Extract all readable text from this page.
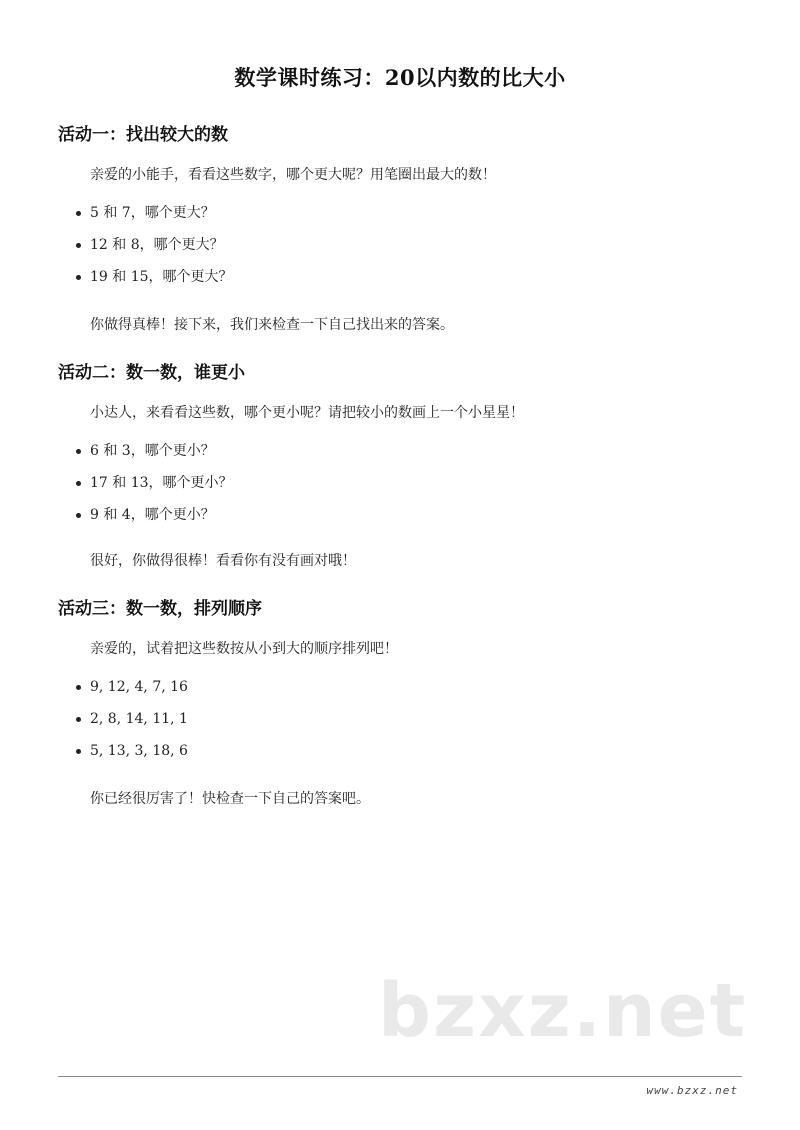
数学课时练习：20以内数的比大小
活动一：找出较大的数
亲爱的小能手，看看这些数字，哪个更大呢？用笔圈出最大的数！
5 和 7，哪个更大？
12 和 8，哪个更大？
19 和 15，哪个更大？
你做得真棒！接下来，我们来检查一下自己找出来的答案。
活动二：数一数，谁更小
小达人，来看看这些数，哪个更小呢？请把较小的数画上一个小星星！
6 和 3，哪个更小？
17 和 13，哪个更小？
9 和 4，哪个更小？
很好，你做得很棒！看看你有没有画对哦！
活动三：数一数，排列顺序
亲爱的，试着把这些数按从小到大的顺序排列吧！
9, 12, 4, 7, 16
2, 8, 14, 11, 1
5, 13, 3, 18, 6
你已经很厉害了！快检查一下自己的答案吧。
bzxz.net
www.bzxz.net
